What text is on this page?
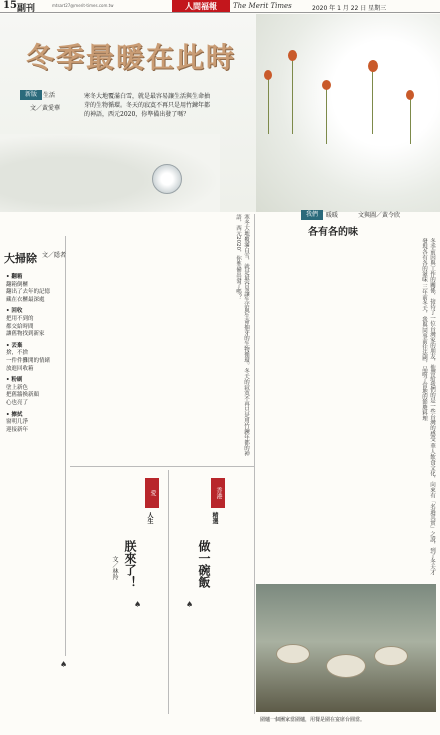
15 副刊	mtsart27@merit-times.com.tw	人間福報	The Merit Times	2020 年 1 月 22 日 星期三
冬季最暖在此時
新版	生活
文／黃愛華
寒冬大地覆滿白雪，就是最容易讓生活與生命抽芽的生物循環。冬天的寂寞不再只是用竹鍊年都的神語，西元2020，你準備出發了嗎？
我們	暖暖	文與圖／黃令欣
各有各的味
冬季前因與工作的關係，接待了一位台灣家的朋友，他帶給我們的是一些台灣的感受 華人飲食文化，向來有「名過其實」之說，到了冬天才發現各有各的滋味 三年前冬天，我與同事前往法國，品嚐了當地的節慶料理
圍爐一個團家當圍爐，用餐是圍在宴席台圓當。
大掃除 文／隱者
• 翻箱
翻箱倒櫃
翻出了去年的記憶
藏在衣櫃最深處
• 回收
把用不到的
都交給時間
讓舊物找到新家
• 丟棄
捨，不捨
一件件攤開的情緒
放進回收箱
• 粉刷
塗上新色
把舊牆換新顏
心也亮了
• 擦拭
窗明几淨
迎接新年	寒冬大地覆滿白雪，就是最容易讓生活與生命抽芽的生物循環。冬天的寂寞不再只是用竹鍊年都的神語，西元2020，你準備出發了嗎？
香港
精選
做一碗飯
愛
人生
朕來了！
文／林羚
♠
♠
♠
